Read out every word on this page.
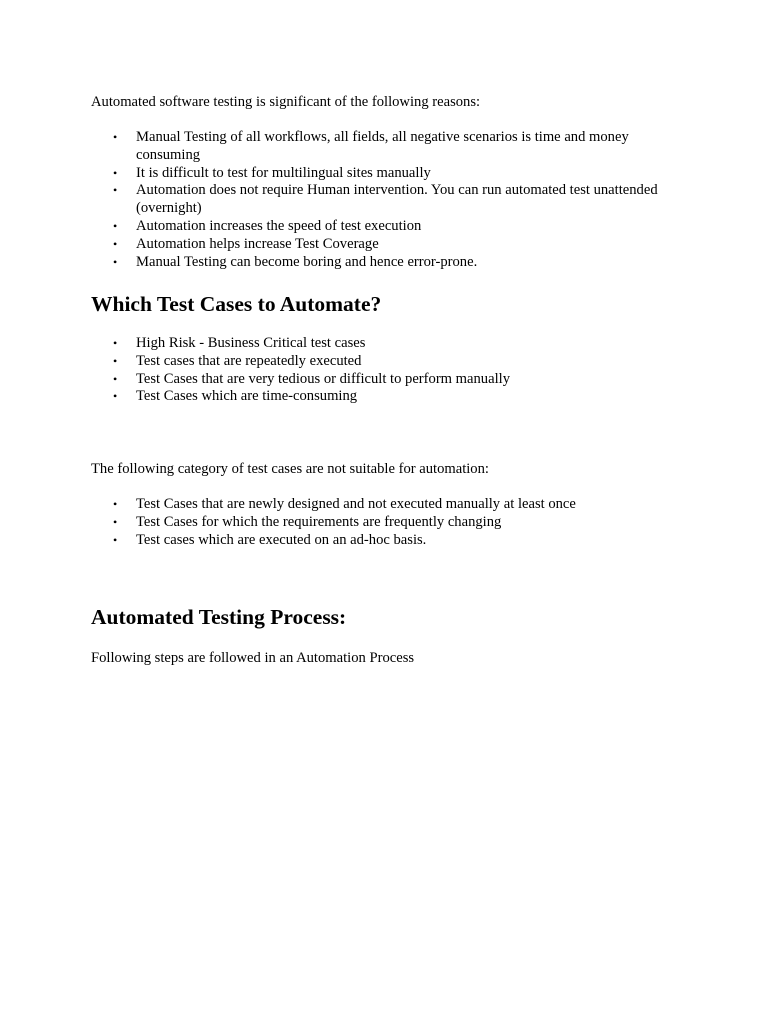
Automated software testing is significant of the following reasons:

• Manual Testing of all workflows, all fields, all negative scenarios is time and money consuming
• It is difficult to test for multilingual sites manually
• Automation does not require Human intervention. You can run automated test unattended (overnight)
• Automation increases the speed of test execution
• Automation helps increase Test Coverage
• Manual Testing can become boring and hence error-prone.
Which Test Cases to Automate?
• High Risk - Business Critical test cases
• Test cases that are repeatedly executed
• Test Cases that are very tedious or difficult to perform manually
• Test Cases which are time-consuming

The following category of test cases are not suitable for automation:

• Test Cases that are newly designed and not executed manually at least once
• Test Cases for which the requirements are frequently changing
• Test cases which are executed on an ad-hoc basis.
Automated Testing Process:

Following steps are followed in an Automation Process
